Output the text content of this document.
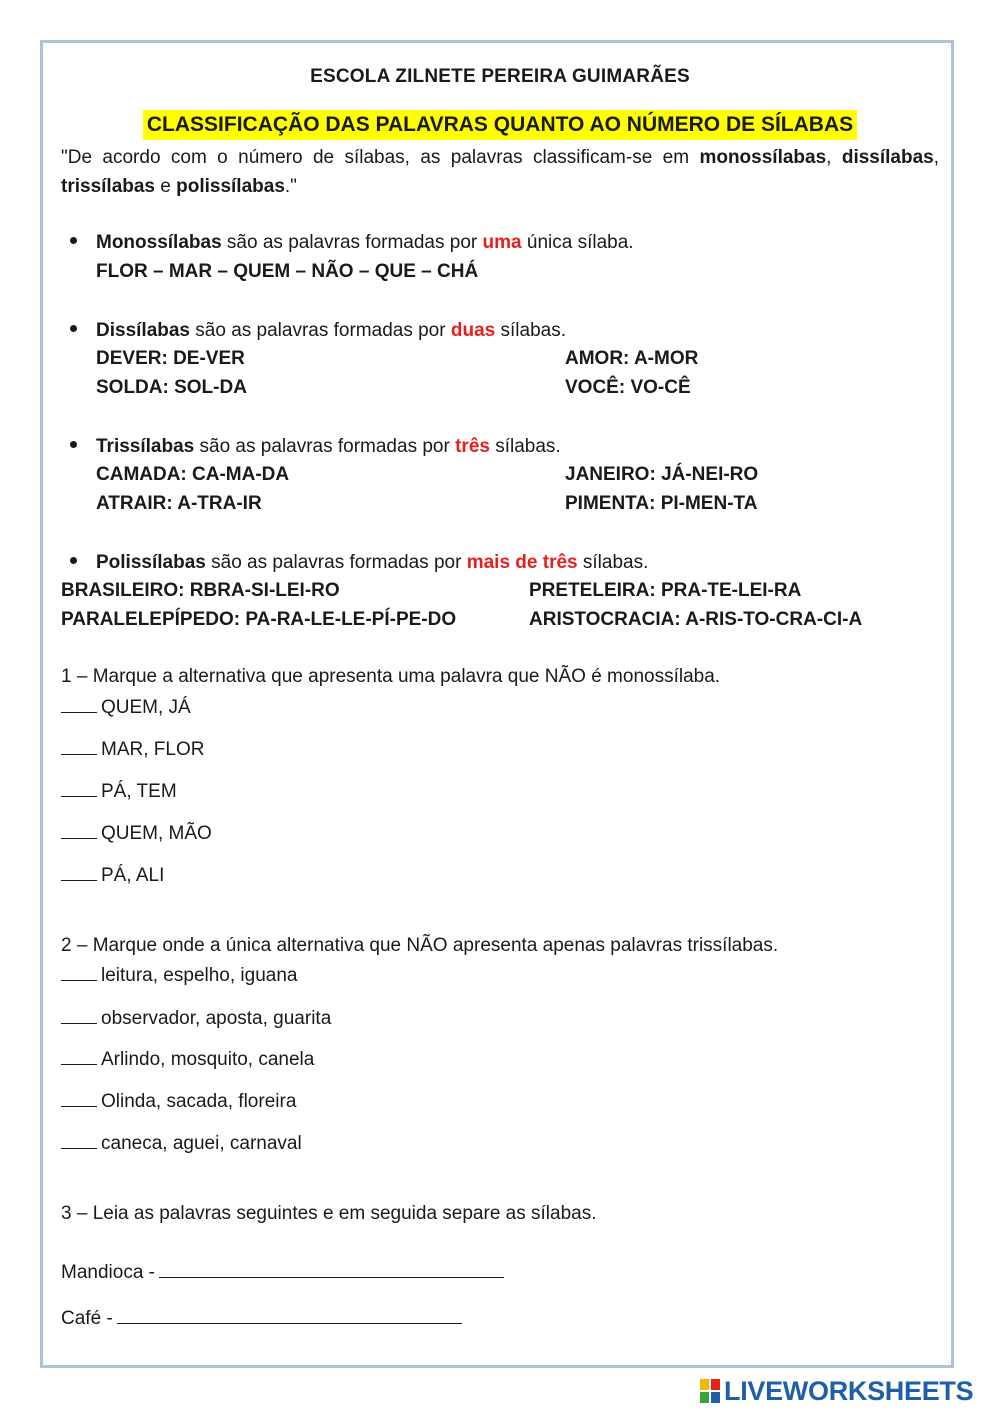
ESCOLA ZILNETE PEREIRA GUIMARÃES
CLASSIFICAÇÃO DAS PALAVRAS QUANTO AO NÚMERO DE SÍLABAS
"De acordo com o número de sílabas, as palavras classificam-se em monossílabas, dissílabas, trissílabas e polissílabas."
Monossílabas são as palavras formadas por uma única sílaba.
FLOR – MAR – QUEM – NÃO – QUE – CHÁ
Dissílabas são as palavras formadas por duas sílabas.
DEVER: DE-VER	AMOR: A-MOR
SOLDA: SOL-DA	VOCÊ: VO-CÊ
Trissílabas são as palavras formadas por três sílabas.
CAMADA: CA-MA-DA	JANEIRO: JÁ-NEI-RO
ATRAIR: A-TRA-IR	PIMENTA: PI-MEN-TA
Polissílabas são as palavras formadas por mais de três sílabas.
BRASILEIRO: RBRA-SI-LEI-RO	PRETELEIRA: PRA-TE-LEI-RA
PARALELEPÍPEDO: PA-RA-LE-LE-PÍ-PE-DO	ARISTOCRACIA: A-RIS-TO-CRA-CI-A
1 – Marque a alternativa que apresenta uma palavra que NÃO é monossílaba.
QUEM, JÁ
MAR, FLOR
PÁ, TEM
QUEM, MÃO
PÁ, ALI
2 – Marque onde a única alternativa que NÃO apresenta apenas palavras trissílabas.
leitura, espelho, iguana
observador, aposta, guarita
Arlindo, mosquito, canela
Olinda, sacada, floreira
caneca, aguei, carnaval
3 – Leia as palavras seguintes e em seguida separe as sílabas.
Mandioca -
Café -
LIVEWORKSHEETS
